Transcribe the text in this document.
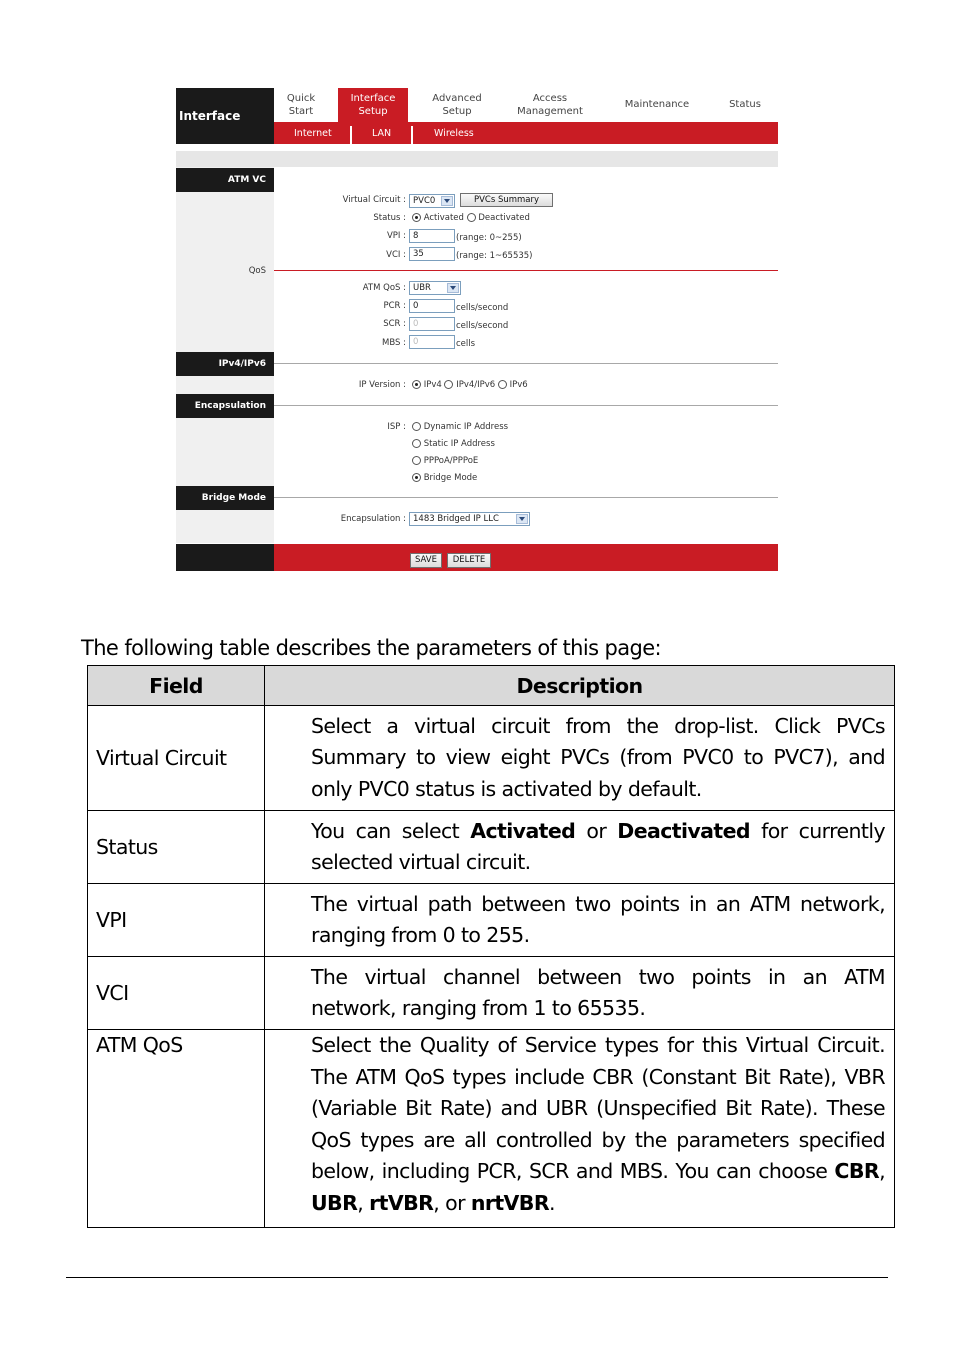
Interface
Quick
Start
Interface
Setup
Advanced
Setup
Access
Management
Maintenance	Status
Internet	LAN	Wireless
ATM VC
Virtual Circuit : PVC0	PVCs Summary
Status :	Activated Deactivated
VPI : 8	(range: 0~255)
VCI : 35	(range: 1~65535)
QoS
ATM QoS : UBR
PCR : 0	cells/second
SCR : 0	cells/second
MBS : 0	cells
IPv4/IPv6
IP Version :	IPv4 IPv4/IPv6 IPv6
Encapsulation
ISP :	Dynamic IP Address
Static IP Address
PPPoA/PPPoE
Bridge Mode
Bridge Mode
Encapsulation : 1483 Bridged IP LLC
SAVE	DELETE
The following table describes the parameters of this page:
Field	Description
Virtual Circuit	Select a virtual circuit from the drop-list. Click PVCs Summary to view eight PVCs (from PVC0 to PVC7), and only PVC0 status is activated by default.
Status	You can select Activated or Deactivated for currently selected virtual circuit.
VPI	The virtual path between two points in an ATM network, ranging from 0 to 255.
VCI	The virtual channel between two points in an ATM network, ranging from 1 to 65535.
ATM QoS	Select the Quality of Service types for this Virtual Circuit. The ATM QoS types include CBR (Constant Bit Rate), VBR (Variable Bit Rate) and UBR (Unspecified Bit Rate). These QoS types are all controlled by the parameters specified below, including PCR, SCR and MBS. You can choose CBR, UBR, rtVBR, or nrtVBR.
